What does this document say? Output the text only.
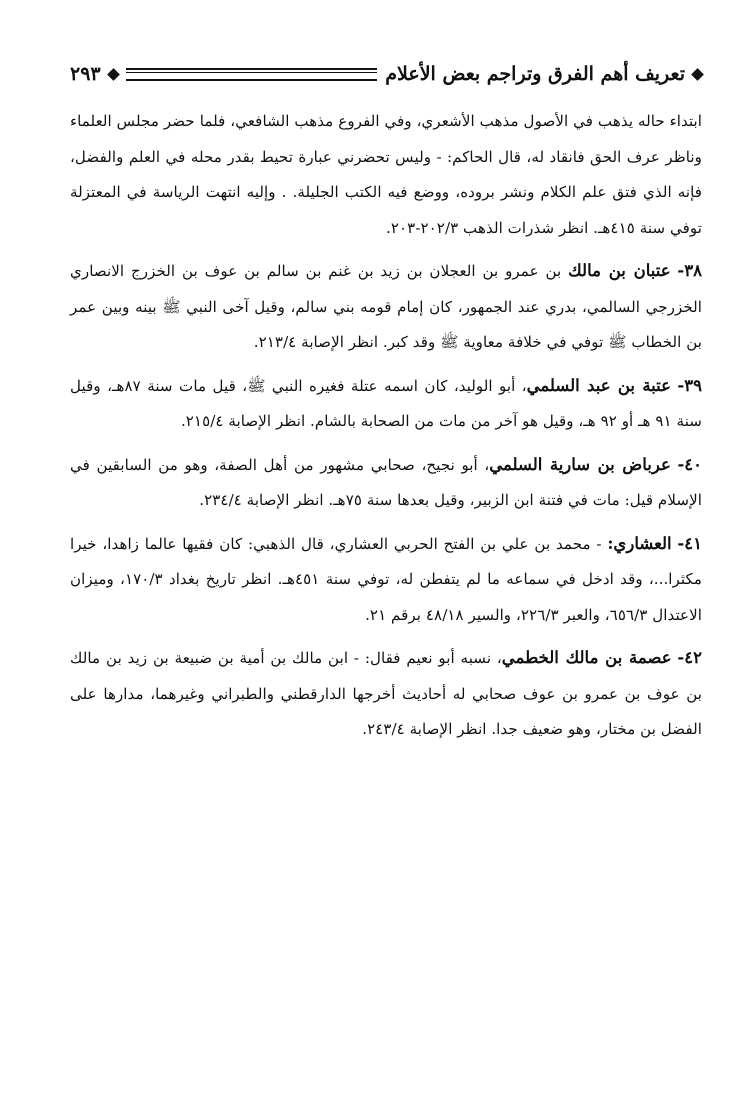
تعريف أهم الفرق وتراجم بعض الأعلام
٢٩٣

ابتداء حاله يذهب في الأصول مذهب الأشعري، وفي الفروع مذهب الشافعي، فلما حضر مجلس العلماء وناظر عرف الحق فانقاد له، قال الحاكم: - وليس تحضرني عبارة تحيط بقدر محله في العلم والفضل، فإنه الذي فتق علم الكلام ونشر بروده، ووضع فيه الكتب الجليلة. . وإليه انتهت الرياسة في المعتزلة توفي سنة ٤١٥هـ. انظر شذرات الذهب ٢٠٢/٣-٢٠٣.

٣٨- عتبان بن مالك بن عمرو بن العجلان بن زيد بن غنم بن سالم بن عوف بن الخزرج الانصاري الخزرجي السالمي، بدري عند الجمهور، كان إمام قومه بني سالم، وقيل آخى النبي ﷺ بينه وبين عمر بن الخطاب ﷺ توفي في خلافة معاوية ﷺ وقد كبر. انظر الإصابة ٢١٣/٤.

٣٩- عتبة بن عبد السلمي، أبو الوليد، كان اسمه عتلة فغيره النبي ﷺ، قيل مات سنة ٨٧هـ، وقيل سنة ٩١ هـ أو ٩٢ هـ، وقيل هو آخر من مات من الصحابة بالشام. انظر الإصابة ٢١٥/٤.

٤٠- عرباض بن سارية السلمي، أبو نجيح، صحابي مشهور من أهل الصفة، وهو من السابقين في الإسلام قيل: مات في فتنة ابن الزبير، وقيل بعدها سنة ٧٥هـ. انظر الإصابة ٢٣٤/٤.

٤١- العشاري: - محمد بن علي بن الفتح الحربي العشاري، قال الذهبي: كان فقيها عالما زاهدا، خيرا مكثرا...، وقد ادخل في سماعه ما لم يتفطن له، توفي سنة ٤٥١هـ. انظر تاريخ بغداد ١٧٠/٣، وميزان الاعتدال ٦٥٦/٣، والعبر ٢٢٦/٣، والسير ٤٨/١٨ برقم ٢١.

٤٢- عصمة بن مالك الخطمي، نسبه أبو نعيم فقال: - ابن مالك بن أمية بن ضبيعة بن زيد بن مالك بن عوف بن عمرو بن عوف صحابي له أحاديث أخرجها الدارقطني والطبراني وغيرهما، مدارها على الفضل بن مختار، وهو ضعيف جدا. انظر الإصابة ٢٤٣/٤.
